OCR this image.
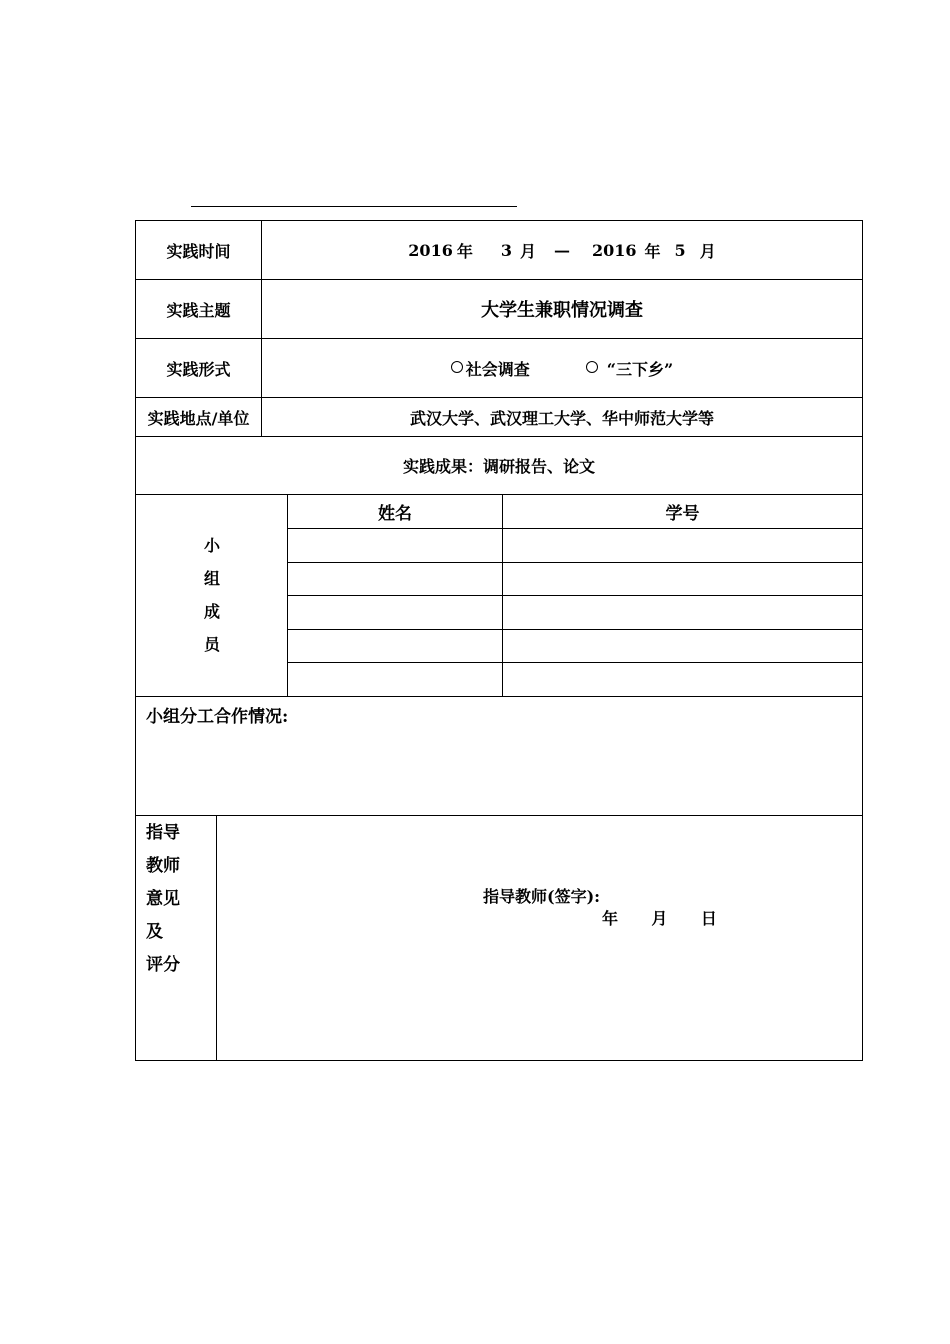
实践时间	2016 年 3 月 — 2016 年 5 月
实践主题	大学生兼职情况调查
实践形式	社会调查	“三下乡”
实践地点/单位	武汉大学、武汉理工大学、华中师范大学等
实践成果：调研报告、论文
小
组
成
员
姓名	学号
小组分工合作情况:
指导
教师
意见
及
评分
指导教师(签字):
年      月      日
